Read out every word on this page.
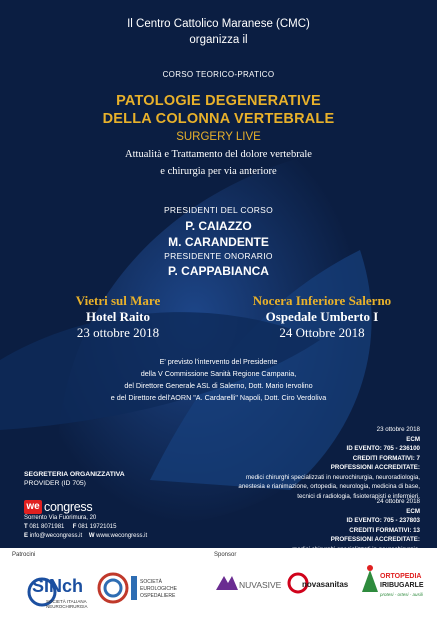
Il Centro Cattolico Maranese (CMC)
organizza il
CORSO TEORICO-PRATICO
PATOLOGIE DEGENERATIVE
DELLA COLONNA VERTEBRALE
SURGERY LIVE
Attualità e Trattamento del dolore vertebrale
e chirurgia per via anteriore
PRESIDENTI DEL CORSO
P. CAIAZZO
M. CARANDENTE
PRESIDENTE ONORARIO
P. CAPPABIANCA
Vietri sul Mare
Hotel Raito
23 ottobre 2018
Nocera Inferiore Salerno
Ospedale Umberto I
24 Ottobre 2018
E' previsto l'intervento del Presidente
della V Commissione Sanità Regione Campania,
del Direttore Generale ASL di Salerno, Dott. Mario Iervolino
e del Direttore dell'AORN "A. Cardarelli" Napoli, Dott. Ciro Verdoliva
23 ottobre 2018
ECM
ID EVENTO: 705 - 236100
CREDITI FORMATIVI: 7
PROFESSIONI ACCREDITATE:
medici chirurghi specializzati in neurochirurgia, neuroradiologia,
anestesia e rianimazione, ortopedia, neurologia, medicina di base,
tecnici di radiologia, fisioterapisti e infermieri.
24 ottobre 2018
ECM
ID EVENTO: 705 - 237803
CREDITI FORMATIVI: 13
PROFESSIONI ACCREDITATE:
SEGRETERIA ORGANIZZATIVA
PROVIDER (ID 705)
we congress
Sorrento Via Fuorimura, 20
T 081 8071981 F 081 19721015
E info@wecongress.it W www.wecongress.it
Patrocini	Sponsor
SINch
SOCIETÀ ITALIANA
NEUROCHIRURGIA
SOCIETÀ
EUROLOGICHE
OSPEDALIERE
NUVASIVE	novasanitas
ORTOPEDIA
IRIBUGARLE
protesi - ortesi - ausili
